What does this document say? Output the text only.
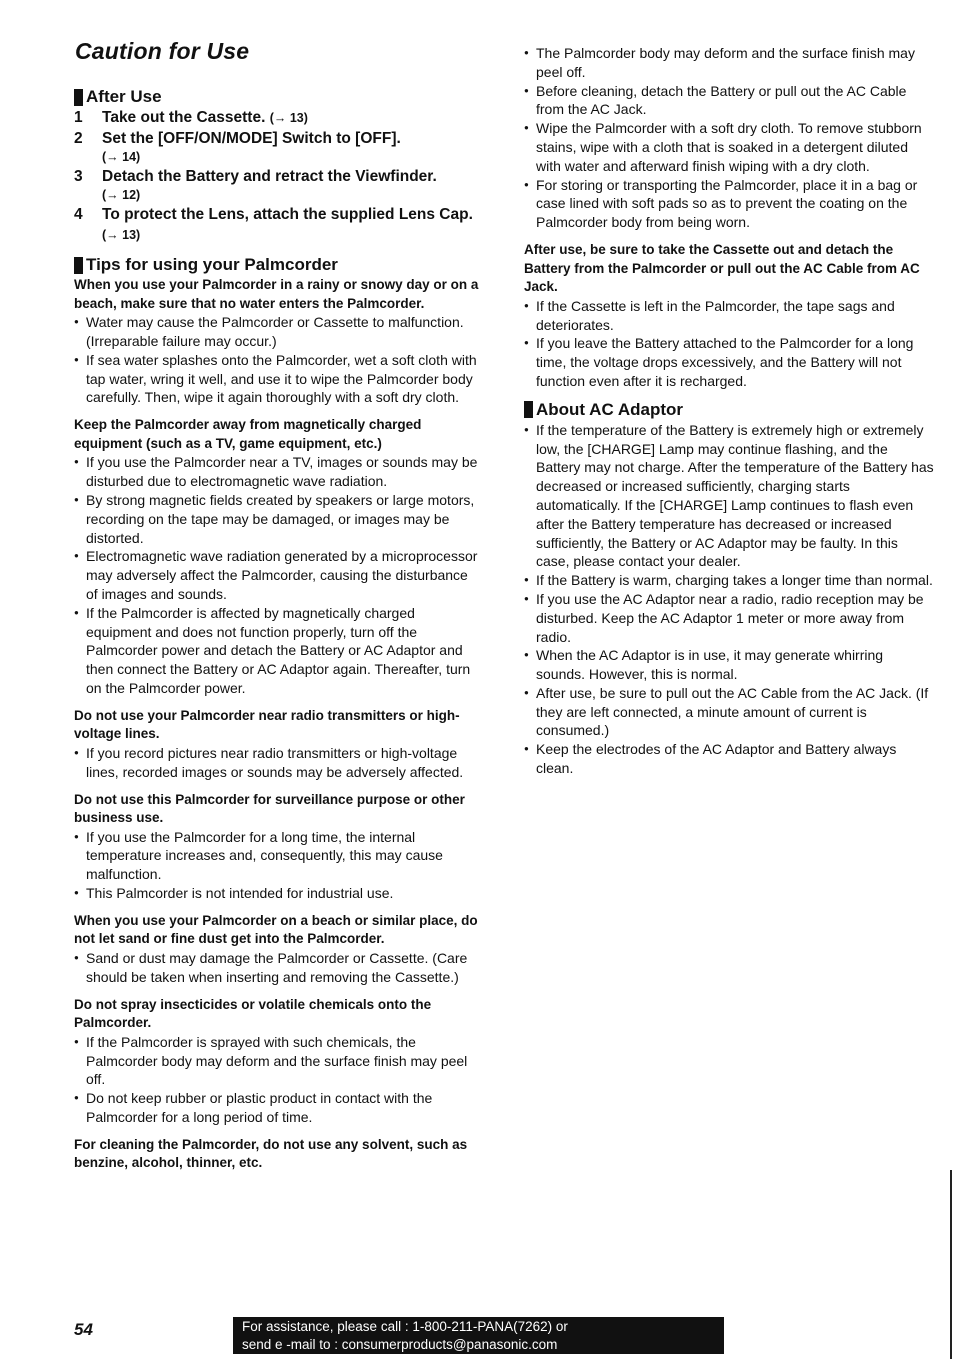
Caution for Use
After Use
1	Take out the Cassette. (→ 13)
2	Set the [OFF/ON/MODE] Switch to [OFF].
(→ 14)
3	Detach the Battery and retract the Viewfinder.
(→ 12)
4	To protect the Lens, attach the supplied Lens Cap. (→ 13)
Tips for using your Palmcorder

When you use your Palmcorder in a rainy or snowy day or on a beach, make sure that no water enters the Palmcorder.

● Water may cause the Palmcorder or Cassette to malfunction. (Irreparable failure may occur.)
● If sea water splashes onto the Palmcorder, wet a soft cloth with tap water, wring it well, and use it to wipe the Palmcorder body carefully. Then, wipe it again thoroughly with a soft dry cloth.

Keep the Palmcorder away from magnetically charged equipment (such as a TV, game equipment, etc.)

● If you use the Palmcorder near a TV, images or sounds may be disturbed due to electromagnetic wave radiation.
● By strong magnetic fields created by speakers or large motors, recording on the tape may be damaged, or images may be distorted.
● Electromagnetic wave radiation generated by a microprocessor may adversely affect the Palmcorder, causing the disturbance of images and sounds.
● If the Palmcorder is affected by magnetically charged equipment and does not function properly, turn off the Palmcorder power and detach the Battery or AC Adaptor and then connect the Battery or AC Adaptor again. Thereafter, turn on the Palmcorder power.

Do not use your Palmcorder near radio transmitters or high-voltage lines.

● If you record pictures near radio transmitters or high-voltage lines, recorded images or sounds may be adversely affected.

Do not use this Palmcorder for surveillance purpose or other business use.

● If you use the Palmcorder for a long time, the internal temperature increases and, consequently, this may cause malfunction.
● This Palmcorder is not intended for industrial use.

When you use your Palmcorder on a beach or similar place, do not let sand or fine dust get into the Palmcorder.

● Sand or dust may damage the Palmcorder or Cassette. (Care should be taken when inserting and removing the Cassette.)

Do not spray insecticides or volatile chemicals onto the Palmcorder.

● If the Palmcorder is sprayed with such chemicals, the Palmcorder body may deform and the surface finish may peel off.
● Do not keep rubber or plastic product in contact with the Palmcorder for a long period of time.

For cleaning the Palmcorder, do not use any solvent, such as benzine, alcohol, thinner, etc.

● The Palmcorder body may deform and the surface finish may peel off.
● Before cleaning, detach the Battery or pull out the AC Cable from the AC Jack.
● Wipe the Palmcorder with a soft dry cloth. To remove stubborn stains, wipe with a cloth that is soaked in a detergent diluted with water and afterward finish wiping with a dry cloth.
● For storing or transporting the Palmcorder, place it in a bag or case lined with soft pads so as to prevent the coating on the Palmcorder body from being worn.

After use, be sure to take the Cassette out and detach the Battery from the Palmcorder or pull out the AC Cable from AC Jack.

● If the Cassette is left in the Palmcorder, the tape sags and deteriorates.
● If you leave the Battery attached to the Palmcorder for a long time, the voltage drops excessively, and the Battery will not function even after it is recharged.
About AC Adaptor
● If the temperature of the Battery is extremely high or extremely low, the [CHARGE] Lamp may continue flashing, and the Battery may not charge. After the temperature of the Battery has decreased or increased sufficiently, charging starts automatically. If the [CHARGE] Lamp continues to flash even after the Battery temperature has decreased or increased sufficiently, the Battery or AC Adaptor may be faulty. In this case, please contact your dealer.
● If the Battery is warm, charging takes a longer time than normal.
● If you use the AC Adaptor near a radio, radio reception may be disturbed. Keep the AC Adaptor 1 meter or more away from radio.
● When the AC Adaptor is in use, it may generate whirring sounds. However, this is normal.
● After use, be sure to pull out the AC Cable from the AC Jack. (If they are left connected, a minute amount of current is consumed.)
● Keep the electrodes of the AC Adaptor and Battery always clean.

54	For assistance, please call : 1-800-211-PANA(7262) or
send e -mail to : consumerproducts@panasonic.com
